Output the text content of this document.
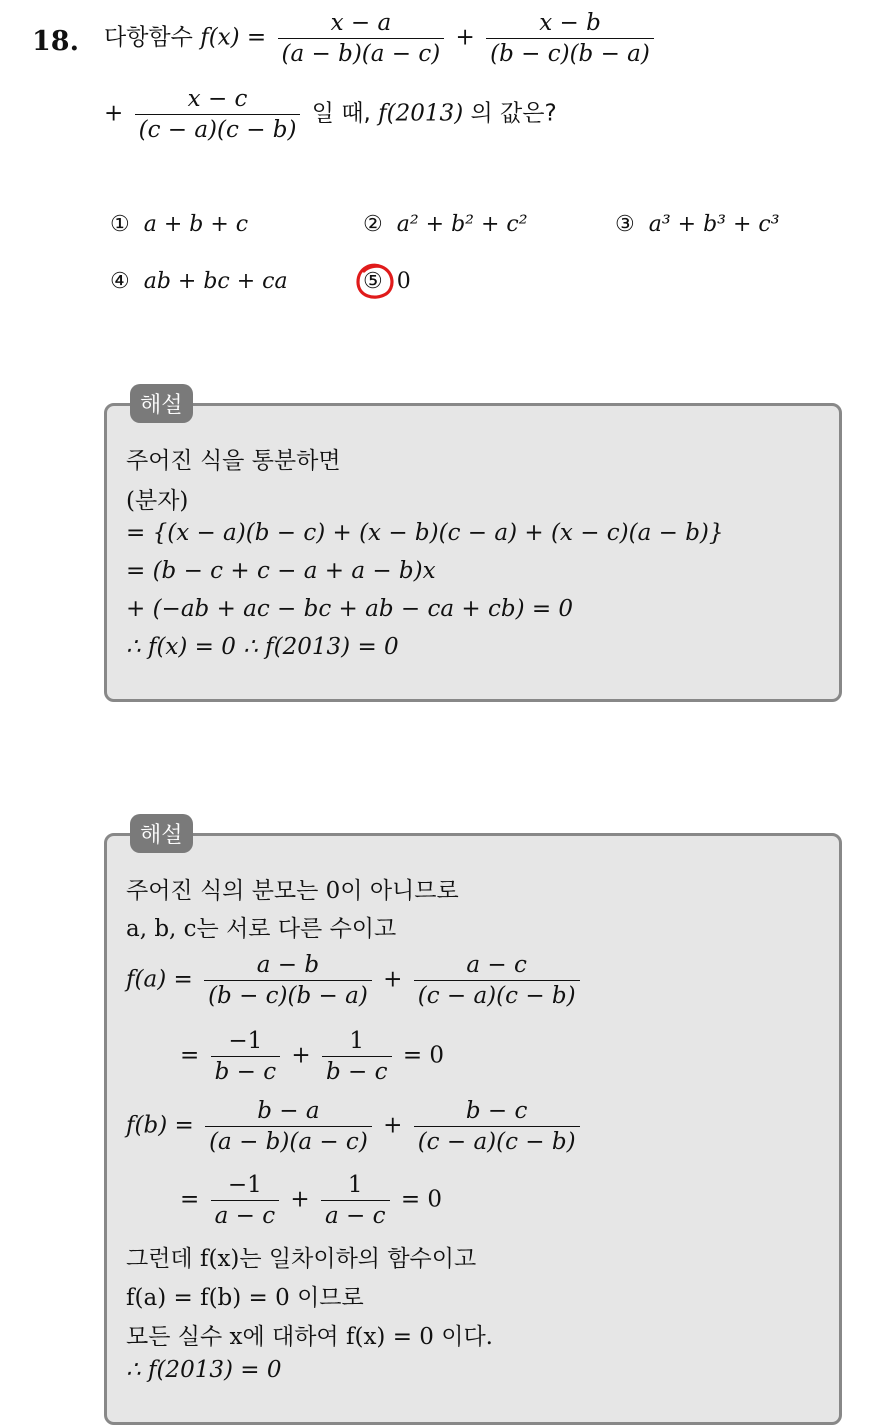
18. 다항함수 $f(x) = \frac{x - a}{(a - b)(a - c)} + \frac{x - b}{(b - c)(b - a)}$
+ $\frac{x - c}{(c - a)(c - b)}$ 일 때, f(2013) 의 값은?
① a + b + c	② a² + b² + c²	③ a³ + b³ + c³
④ ab + bc + ca	⑤ 0
주어진 식을 통분하면
(분자)
= {(x − a)(b − c) + (x − b)(c − a) + (x − c)(a − b)}
= (b − c + c − a + a − b)x
+ (−ab + ac − bc + ab − ca + cb) = 0
∴ f(x) = 0 ∴ f(2013) = 0
해설
주어진 식의 분모는 0이 아니므로
a, b, c는 서로 다른 수이고
$f(a) = \frac{a - b}{(b - c)(b - a)} + \frac{a - c}{(c - a)(c - b)}$
= $\frac{-1}{b - c} + \frac{1}{b - c} = 0$
$f(b) = \frac{b - a}{(a - b)(a - c)} + \frac{b - c}{(c - a)(c - b)}$
= $\frac{-1}{a - c} + \frac{1}{a - c} = 0$
그런데 f(x)는 일차이하의 함수이고
f(a) = f(b) = 0 이므로
모든 실수 x에 대하여 f(x) = 0 이다.
∴ f(2013) = 0
해설
